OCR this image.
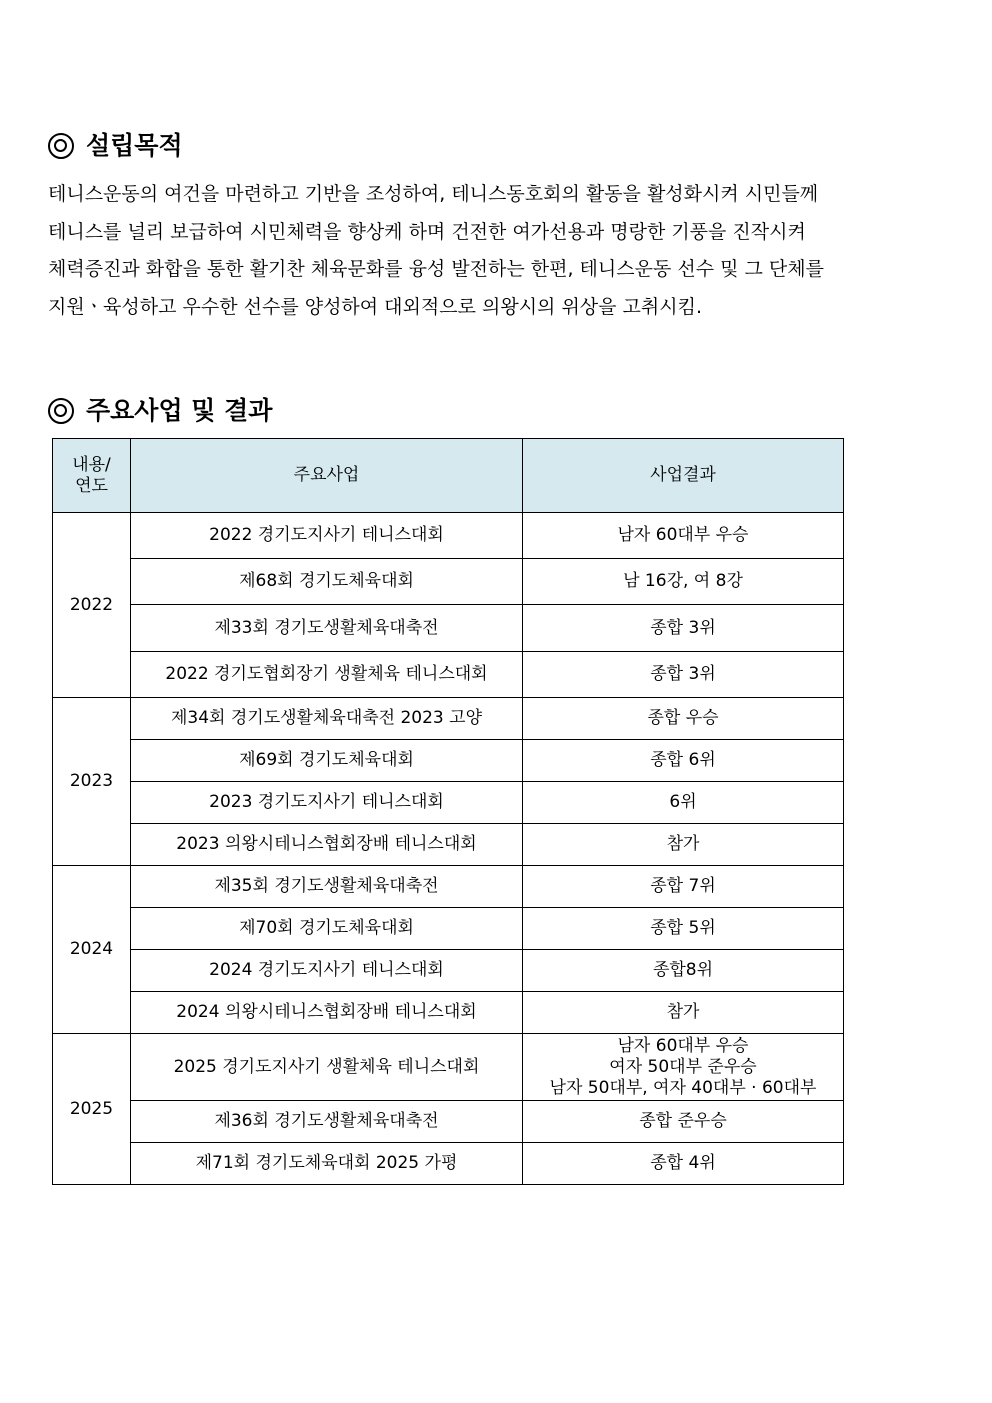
설립목적
테니스운동의 여건을 마련하고 기반을 조성하여, 테니스동호회의 활동을 활성화시켜 시민들께
테니스를 널리 보급하여 시민체력을 향상케 하며 건전한 여가선용과 명랑한 기풍을 진작시켜
체력증진과 화합을 통한 활기찬 체육문화를 융성 발전하는 한편, 테니스운동 선수 및 그 단체를
지원ㆍ육성하고 우수한 선수를 양성하여 대외적으로 의왕시의 위상을 고취시킴.
주요사업 및 결과
내용/
연도	주요사업	사업결과
2022	2022 경기도지사기 테니스대회	남자 60대부 우승
	제68회 경기도체육대회	남 16강, 여 8강
	제33회 경기도생활체육대축전	종합 3위
	2022 경기도협회장기 생활체육 테니스대회	종합 3위
2023	제34회 경기도생활체육대축전 2023 고양	종합 우승
	제69회 경기도체육대회	종합 6위
	2023 경기도지사기 테니스대회	6위
	2023 의왕시테니스협회장배 테니스대회	참가
2024	제35회 경기도생활체육대축전	종합 7위
	제70회 경기도체육대회	종합 5위
	2024 경기도지사기 테니스대회	종합8위
	2024 의왕시테니스협회장배 테니스대회	참가
2025	2025 경기도지사기 생활체육 테니스대회	남자 60대부 우승
여자 50대부 준우승
남자 50대부, 여자 40대부 · 60대부

	제36회 경기도생활체육대축전	종합 준우승
	제71회 경기도체육대회 2025 가평	종합 4위
